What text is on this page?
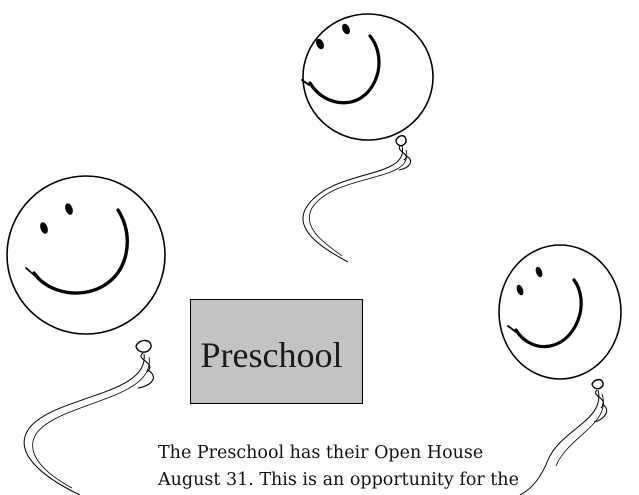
Preschool
The Preschool has their Open House
August 31. This is an opportunity for the
